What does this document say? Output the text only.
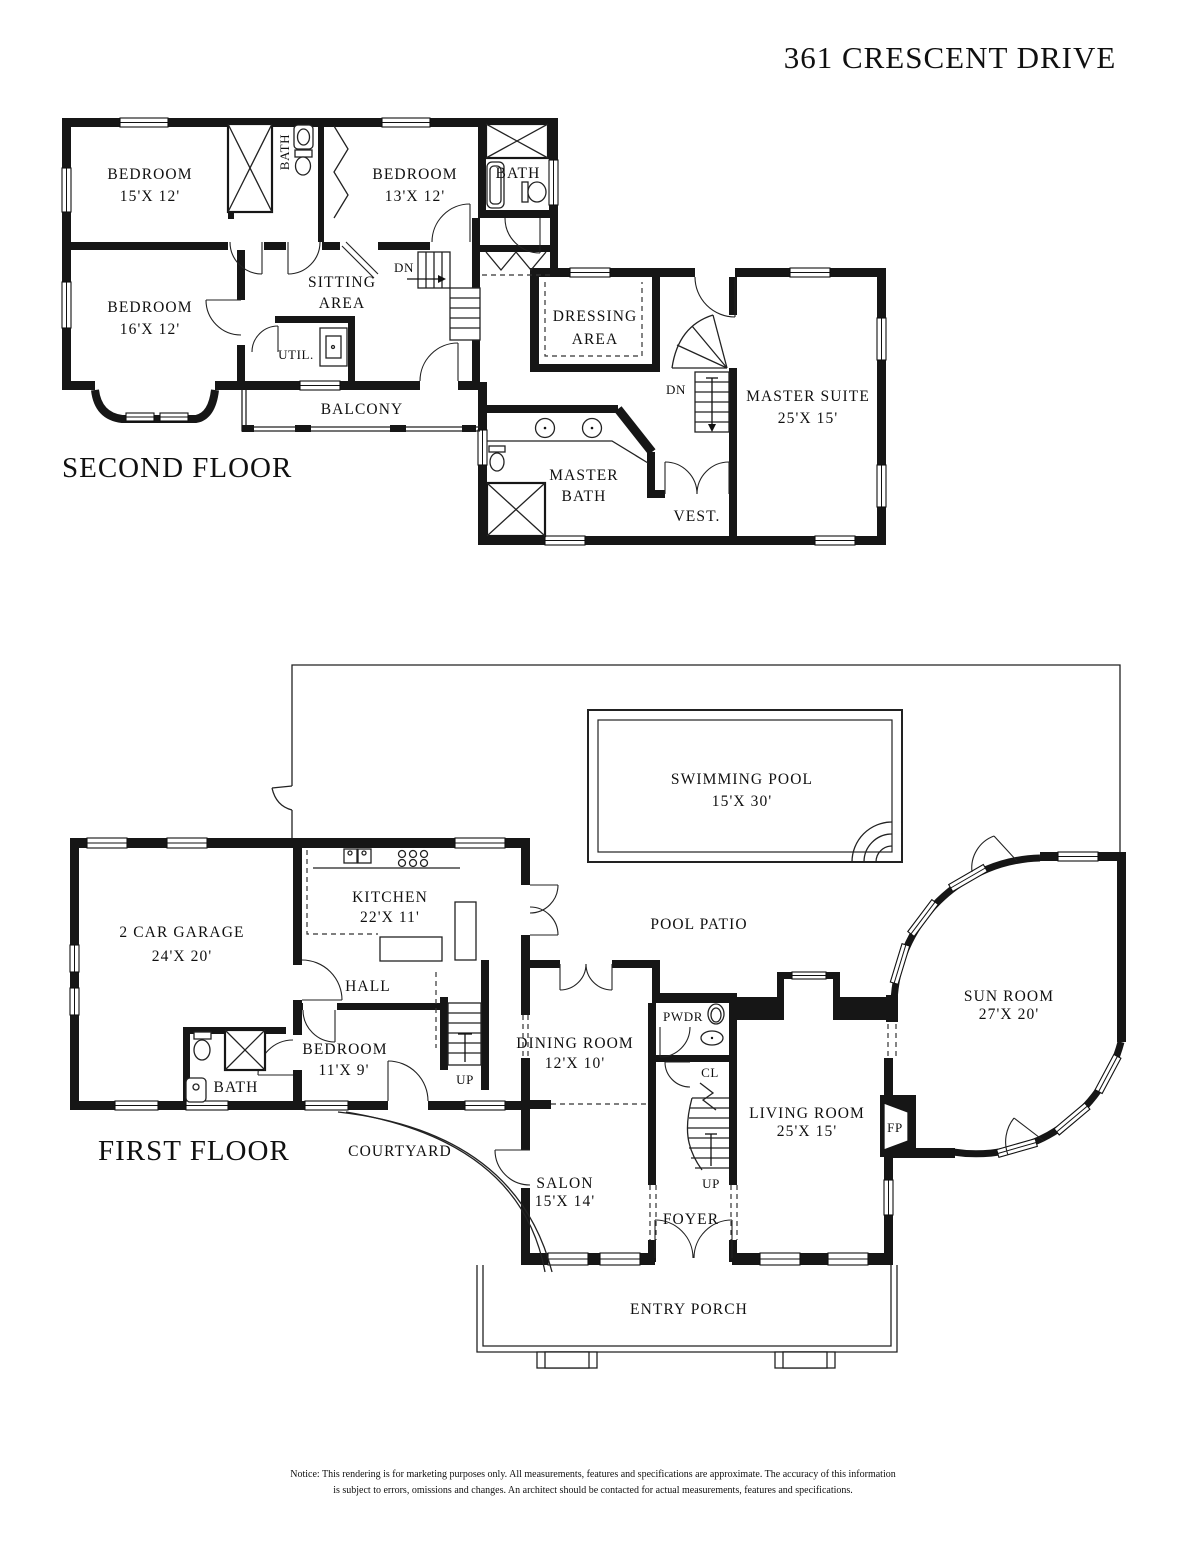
361 CRESCENT DRIVE
BEDROOM
15'X 12'
BATH
BEDROOM
13'X 12'
BATH
BEDROOM
16'X 12'
SITTING
AREA
UTIL.
DN
BALCONY
DRESSING
AREA
DN	MASTER SUITE
25'X 15'
MASTER
BATH
VEST.
SECOND FLOOR
SWIMMING POOL
15'X 30'
POOL PATIO
2 CAR GARAGE
24'X 20'
KITCHEN
22'X 11'
HALL
BEDROOM
11'X 9'
BATH	UP
DINING ROOM
12'X 10'
PWDR
CL
LIVING ROOM
25'X 15'	FP
SUN ROOM
27'X 20'
COURTYARD
SALON
15'X 14'
FOYER
UP
ENTRY PORCH
FIRST FLOOR
Notice: This rendering is for marketing purposes only. All measurements, features and specifications are approximate. The accuracy of this information
is subject to errors, omissions and changes. An architect should be contacted for actual measurements, features and specifications.
